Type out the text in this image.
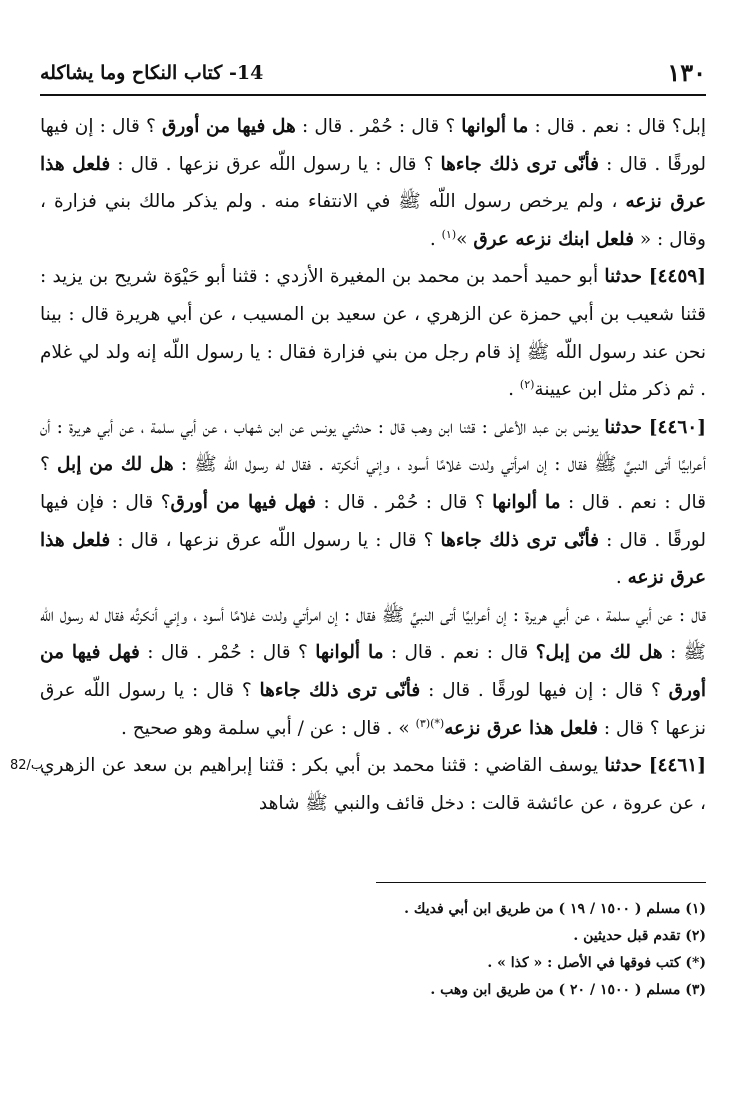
١٣٠
14- كتاب النكاح وما يشاكله
82/ب

إبل؟ قال : نعم . قال : ما ألوانها ؟ قال : حُمْر . قال : هل فيها من أورق ؟ قال : إن فيها لورقًا . قال : فأنّى ترى ذلك جاءها ؟ قال : يا رسول اللّه عرق نزعها . قال : فلعل هذا عرق نزعه ، ولم يرخص رسول اللّه ﷺ في الانتفاء منه . ولم يذكر مالك بني فزارة ، وقال : « فلعل ابنك نزعه عرق »$^{(١)}$ .

[٤٤٥٩] حدثنا أبو حميد أحمد بن محمد بن المغيرة الأزدي : قثنا أبو حَيْوَة شريح بن يزيد : قثنا شعيب بن أبي حمزة عن الزهري ، عن سعيد بن المسيب ، عن أبي هريرة قال : بينا نحن عند رسول اللّه ﷺ إذ قام رجل من بني فزارة فقال : يا رسول اللّه إنه ولد لي غلام . ثم ذكر مثل ابن عيينة$^{(٢)}$ .

[٤٤٦٠] حدثنا يونس بن عبد الأعلى : قثنا ابن وهب قال : حدثني يونس عن ابن شهاب ، عن أبي سلمة ، عن أبي هريرة : أن أعرابيًا أتى النبيَّ ﷺ فقال : إن امرأتي ولدت غلامًا أسود ، وإني أنكرته . فقال له رسول اللّه ﷺ : هل لك من إبل ؟ قال : نعم . قال : ما ألوانها ؟ قال : حُمْر . قال : فهل فيها من أورق؟ قال : فإن فيها لورقًا . قال : فأنّى ترى ذلك جاءها ؟ قال : يا رسول اللّه عرق نزعها ، قال : فلعل هذا عرق نزعه .

قال : عن أبي سلمة ، عن أبي هريرة : إن أعرابيًا أتى النبيَّ ﷺ فقال : إن امرأتي ولدت غلامًا أسود ، وإني أنكرتُه فقال له رسول اللّه ﷺ : هل لك من إبل؟ قال : نعم . قال : ما ألوانها ؟ قال : حُمْر . قال : فهل فيها من أورق ؟ قال : إن فيها لورقًا . قال : فأنّى ترى ذلك جاءها ؟ قال : يا رسول اللّه عرق نزعها ؟ قال : فلعل هذا عرق نزعه$^{(*)(٣)}$ » . قال : عن / أبي سلمة وهو صحيح .

[٤٤٦١] حدثنا يوسف القاضي : قثنا محمد بن أبي بكر : قثنا إبراهيم بن سعد عن الزهري ، عن عروة ، عن عائشة قالت : دخل قائف والنبي ﷺ شاهد

(١) مسلم ( ١٥٠٠ / ١٩ ) من طريق ابن أبي فديك .

(٢) تقدم قبل حديثين .

(*) كتب فوقها في الأصل : « كذا » .

(٣) مسلم ( ١٥٠٠ / ٢٠ ) من طريق ابن وهب .
